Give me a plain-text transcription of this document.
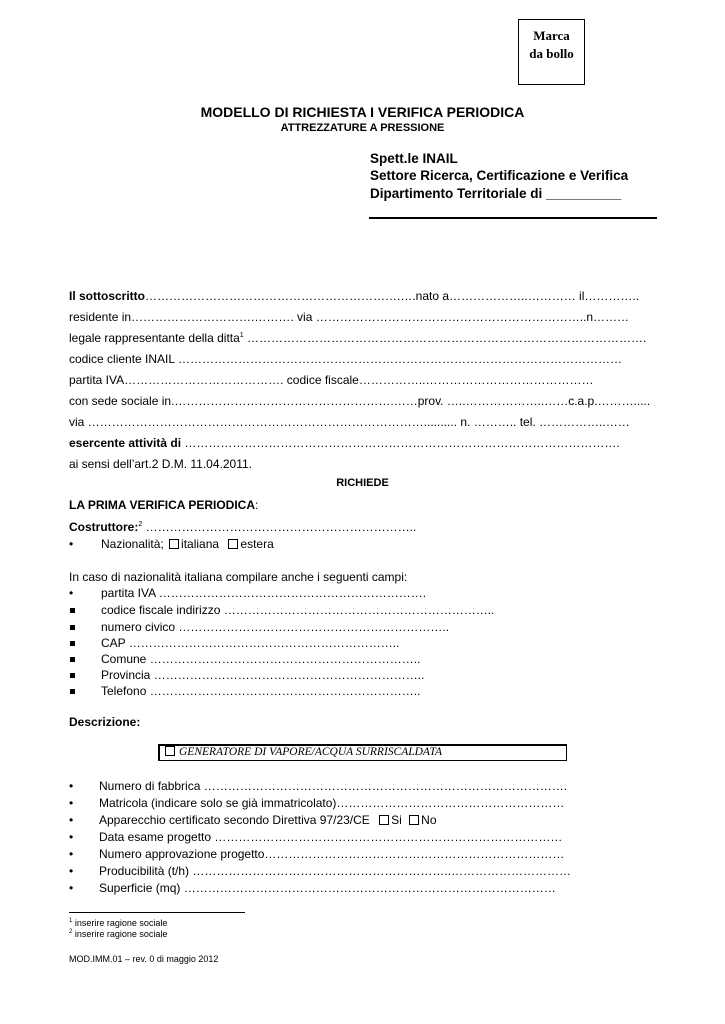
Marca
da bollo
MODELLO DI RICHIESTA I VERIFICA PERIODICA
ATTREZZATURE A PRESSIONE
Spett.le INAIL
Settore Ricerca, Certificazione e Verifica
Dipartimento Territoriale di __________
Il sottoscritto……………………………………………………….….nato a………………..………… il…………..
residente in………………………….………. via …………………………………………………………..n………
legale rappresentante della ditta$^1$ ……………………………………………………………………………………….
codice cliente INAIL …………………………………………………………………………………………………
partita IVA…………………………………. codice fiscale……………..……………………………………
con sede sociale in.……………………………………………….……prov. …..………………..……c.a.p.……….....
via ………………………………………………………………………….......... n. ……….. tel. ……………..……
esercente attività di ……………………………………………………………………………………………….
ai sensi dell’art.2 D.M. 11.04.2011.
RICHIEDE
LA PRIMA VERIFICA PERIODICA:
Costruttore:$^2$ …………………………………………………………..
• Nazionalità; italiana estera
In caso di nazionalità italiana compilare anche i seguenti campi:
• partita IVA ………………………………………………………….
codice fiscale indirizzo …………………………………………………………..
numero civico …………………………………………………………..
CAP …………………………………………………………..
Comune …………………………………………………………..
Provincia …………………………………………………………..
Telefono …………………………………………………………..
Descrizione:
GENERATORE DI VAPORE/ACQUA SURRISCALDATA
• Numero di fabbrica ……………………………………………………………………………….
• Matricola (indicare solo se già immatricolato)…………………………………………………
• Apparecchio certificato secondo Direttiva 97/23/CE Si No
• Data esame progetto ……………………………………………………………………………
• Numero approvazione progetto…………………………………………………………………
• Producibilità (t/h) ………………………………………………………..…………………………
• Superficie (mq) …………………………………………………………………………………
$^1$ inserire ragione sociale
$^2$ inserire ragione sociale
MOD.IMM.01 – rev. 0 di maggio 2012
